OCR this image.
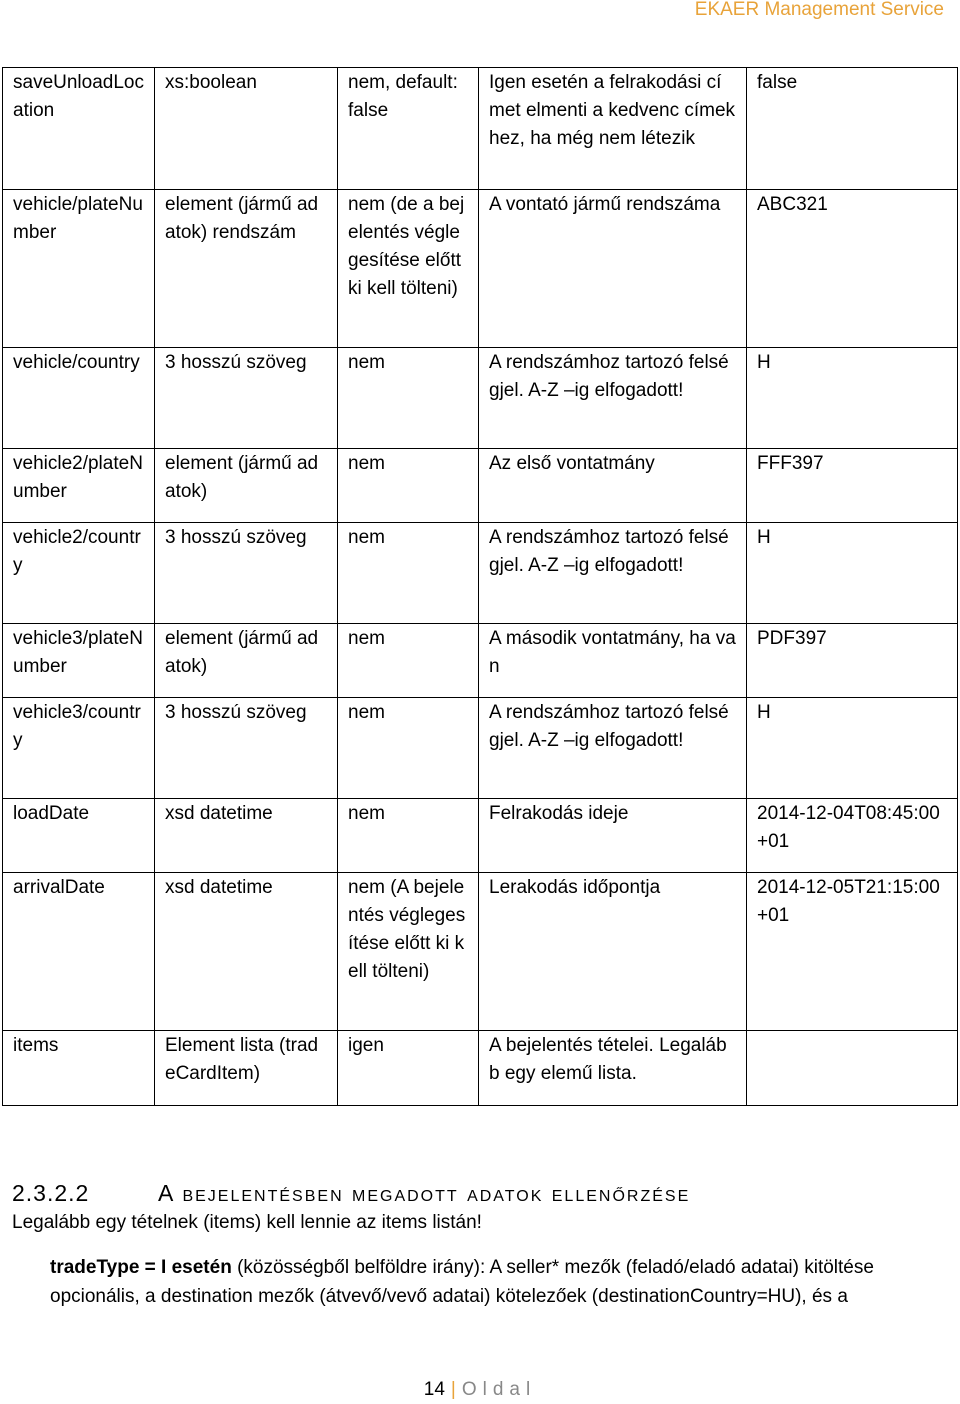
EKAER Management Service
saveUnloadLocation	xs:boolean	nem, default: false	Igen esetén a felrakodási címet elmenti a kedvenc címekhez, ha még nem létezik	false
vehicle/plateNumber	element (jármű adatok) rendszám	nem (de a bejelentés véglegesítése előtt ki kell tölteni)	A vontató jármű rendszáma	ABC321
vehicle/country	3 hosszú szöveg	nem	A rendszámhoz tartozó felségjel. A-Z –ig elfogadott!	H
vehicle2/plateNumber	element (jármű adatok)	nem	Az első vontatmány	FFF397
vehicle2/country	3 hosszú szöveg	nem	A rendszámhoz tartozó felségjel. A-Z –ig elfogadott!	H
vehicle3/plateNumber	element (jármű adatok)	nem	A második vontatmány, ha van	PDF397
vehicle3/country	3 hosszú szöveg	nem	A rendszámhoz tartozó felségjel. A-Z –ig elfogadott!	H
loadDate	xsd datetime	nem	Felrakodás ideje	2014-12-04T08:45:00+01
arrivalDate	xsd datetime	nem (A bejelentés véglegesítése előtt ki kell tölteni)	Lerakodás időpontja	2014-12-05T21:15:00+01
items	Element lista (tradeCardItem)	igen	A bejelentés tételei. Legalább egy elemű lista.	
2.3.2.2	A bejelentésben megadott adatok ellenőrzése
Legalább egy tételnek (items) kell lennie az items listán!
tradeType = I esetén (közösségből belföldre irány): A seller* mezők (feladó/eladó adatai) kitöltése opcionális, a destination mezők (átvevő/vevő adatai) kötelezőek (destinationCountry=HU), és a
14 | Oldal
